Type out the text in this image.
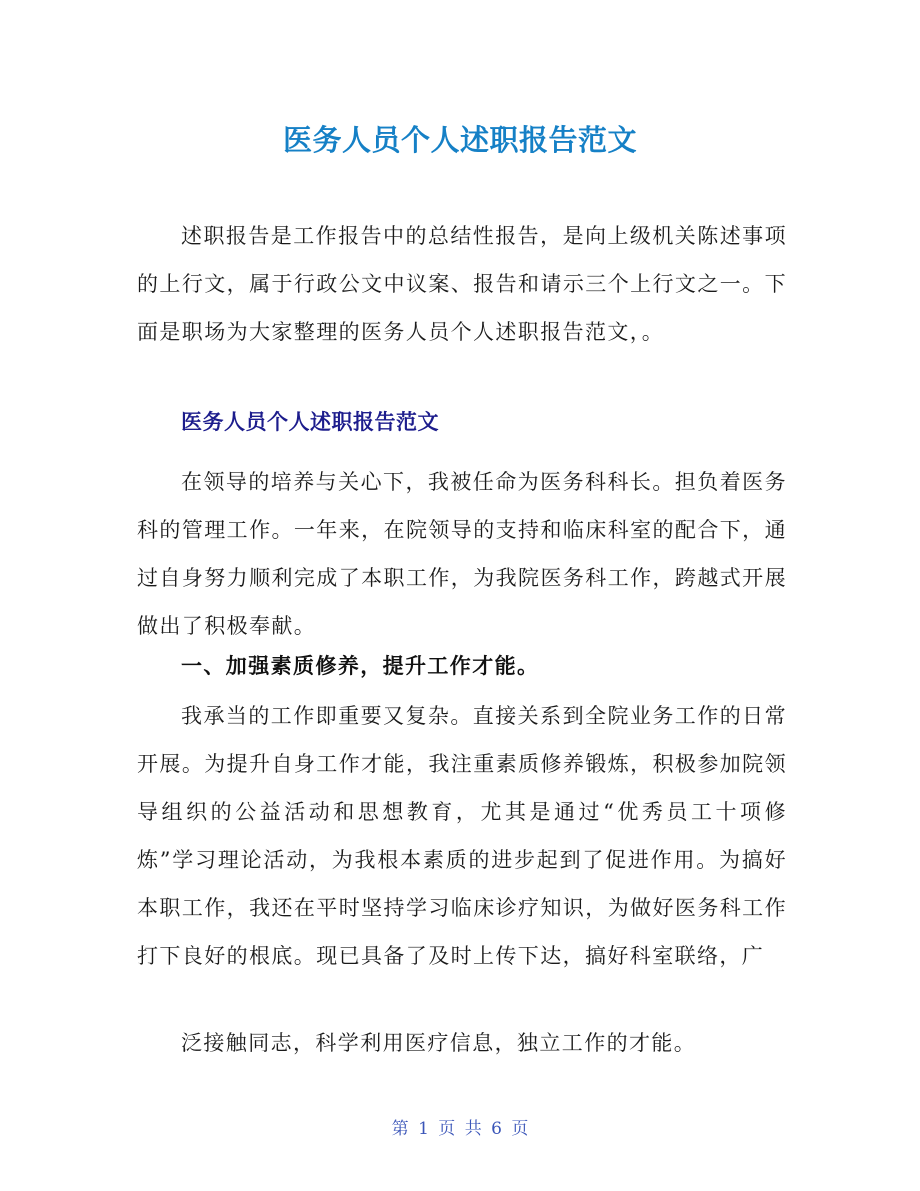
医务人员个人述职报告范文

述职报告是工作报告中的总结性报告，是向上级机关陈述事项的上行文，属于行政公文中议案、报告和请示三个上行文之一。下面是职场为大家整理的医务人员个人述职报告范文，。

医务人员个人述职报告范文

在领导的培养与关心下，我被任命为医务科科长。担负着医务科的管理工作。一年来，在院领导的支持和临床科室的配合下，通过自身努力顺利完成了本职工作，为我院医务科工作，跨越式开展做出了积极奉献。

一、加强素质修养，提升工作才能。

我承当的工作即重要又复杂。直接关系到全院业务工作的日常开展。为提升自身工作才能，我注重素质修养锻炼，积极参加院领导组织的公益活动和思想教育，尤其是通过“优秀员工十项修炼”学习理论活动，为我根本素质的进步起到了促进作用。为搞好本职工作，我还在平时坚持学习临床诊疗知识，为做好医务科工作打下良好的根底。现已具备了及时上传下达，搞好科室联络，广

泛接触同志，科学利用医疗信息，独立工作的才能。

第 1 页 共 6 页
